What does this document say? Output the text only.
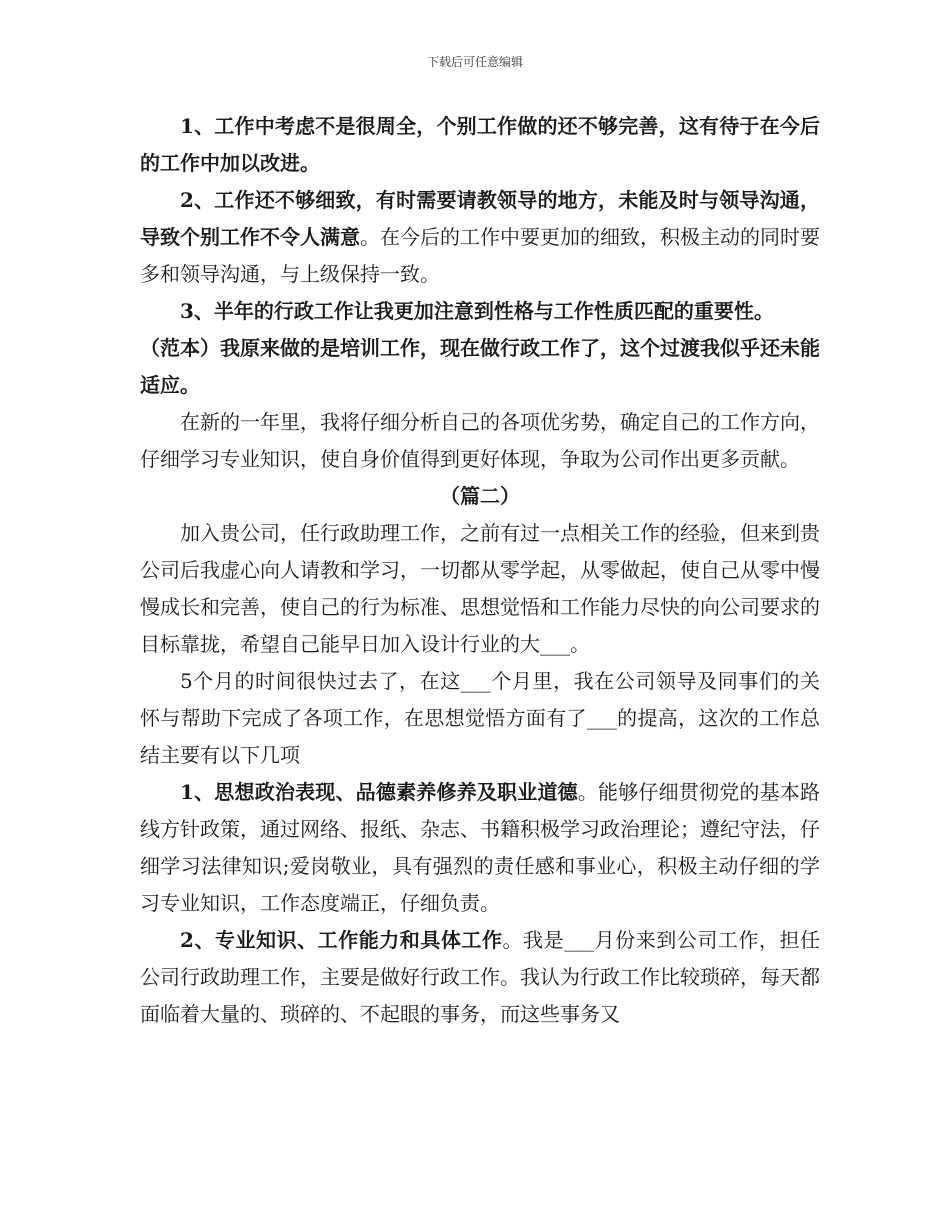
下载后可任意编辑

1、工作中考虑不是很周全，个别工作做的还不够完善，这有待于在今后的工作中加以改进。

2、工作还不够细致，有时需要请教领导的地方，未能及时与领导沟通，导致个别工作不令人满意。在今后的工作中要更加的细致，积极主动的同时要多和领导沟通，与上级保持一致。

3、半年的行政工作让我更加注意到性格与工作性质匹配的重要性。

（范本）我原来做的是培训工作，现在做行政工作了，这个过渡我似乎还未能适应。

在新的一年里，我将仔细分析自己的各项优劣势，确定自己的工作方向，仔细学习专业知识，使自身价值得到更好体现，争取为公司作出更多贡献。

（篇二）

加入贵公司，任行政助理工作，之前有过一点相关工作的经验，但来到贵公司后我虚心向人请教和学习，一切都从零学起，从零做起，使自己从零中慢慢成长和完善，使自己的行为标准、思想觉悟和工作能力尽快的向公司要求的目标靠拢，希望自己能早日加入设计行业的大___。

5个月的时间很快过去了，在这___个月里，我在公司领导及同事们的关怀与帮助下完成了各项工作，在思想觉悟方面有了___的提高，这次的工作总结主要有以下几项

1、思想政治表现、品德素养修养及职业道德。能够仔细贯彻党的基本路线方针政策，通过网络、报纸、杂志、书籍积极学习政治理论；遵纪守法，仔细学习法律知识;爱岗敬业，具有强烈的责任感和事业心，积极主动仔细的学习专业知识，工作态度端正，仔细负责。

2、专业知识、工作能力和具体工作。我是___月份来到公司工作，担任公司行政助理工作，主要是做好行政工作。我认为行政工作比较琐碎，每天都面临着大量的、琐碎的、不起眼的事务，而这些事务又
